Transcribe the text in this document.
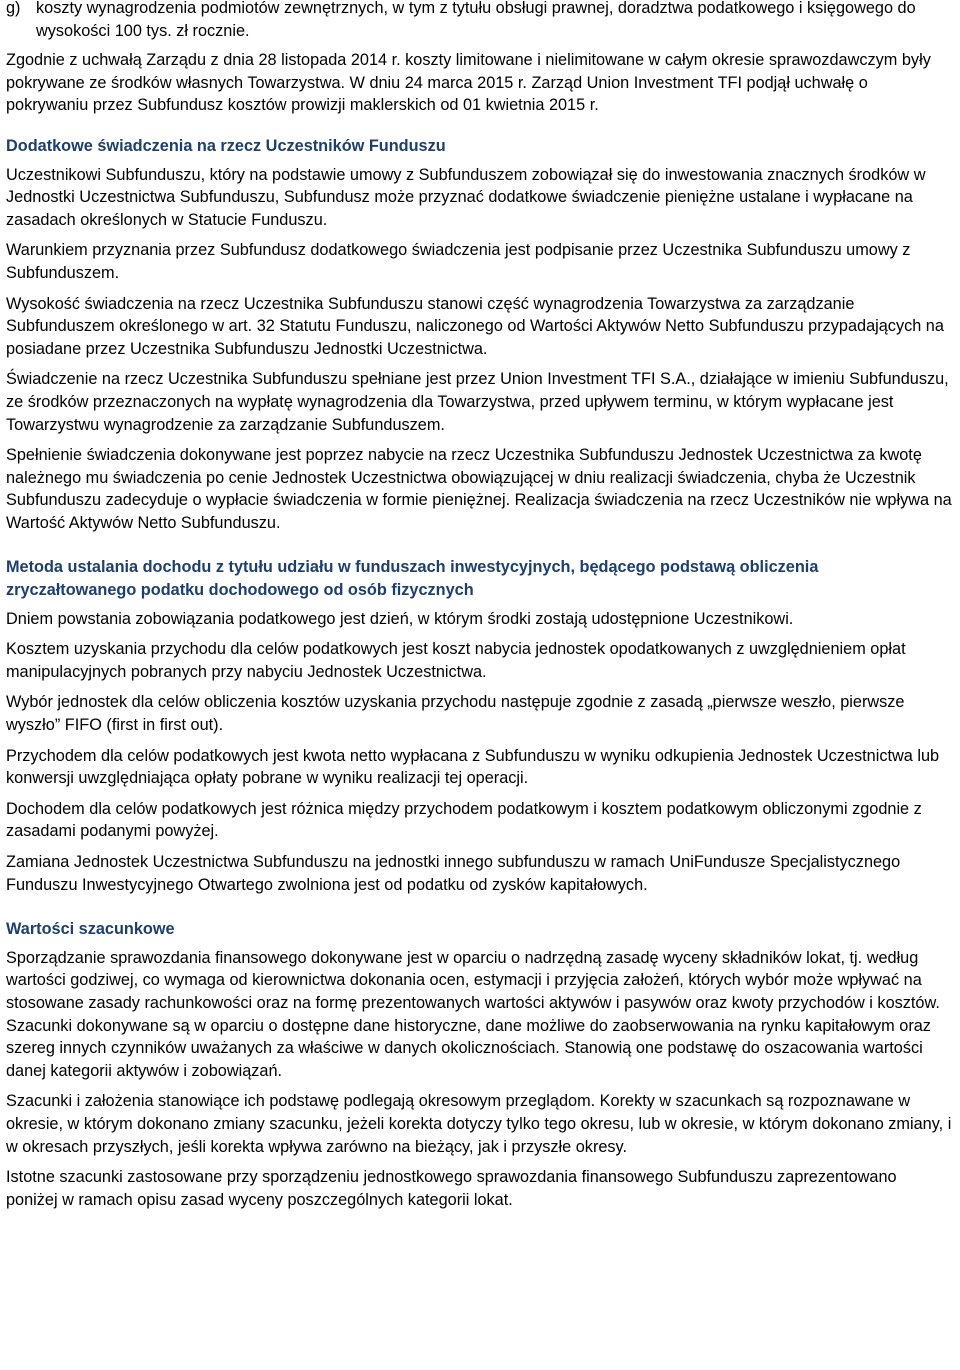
g) koszty wynagrodzenia podmiotów zewnętrznych, w tym z tytułu obsługi prawnej, doradztwa podatkowego i księgowego do wysokości 100 tys. zł rocznie.

Zgodnie z uchwałą Zarządu z dnia 28 listopada 2014 r. koszty limitowane i nielimitowane w całym okresie sprawozdawczym były pokrywane ze środków własnych Towarzystwa. W dniu 24 marca 2015 r. Zarząd Union Investment TFI podjął uchwałę o pokrywaniu przez Subfundusz kosztów prowizji maklerskich od 01 kwietnia 2015 r.

Dodatkowe świadczenia na rzecz Uczestników Funduszu

Uczestnikowi Subfunduszu, który na podstawie umowy z Subfunduszem zobowiązał się do inwestowania znacznych środków w Jednostki Uczestnictwa Subfunduszu, Subfundusz może przyznać dodatkowe świadczenie pieniężne ustalane i wypłacane na zasadach określonych w Statucie Funduszu.

Warunkiem przyznania przez Subfundusz dodatkowego świadczenia jest podpisanie przez Uczestnika Subfunduszu umowy z Subfunduszem.

Wysokość świadczenia na rzecz Uczestnika Subfunduszu stanowi część wynagrodzenia Towarzystwa za zarządzanie Subfunduszem określonego w art. 32 Statutu Funduszu, naliczonego od Wartości Aktywów Netto Subfunduszu przypadających na posiadane przez Uczestnika Subfunduszu Jednostki Uczestnictwa.

Świadczenie na rzecz Uczestnika Subfunduszu spełniane jest przez Union Investment TFI S.A., działające w imieniu Subfunduszu, ze środków przeznaczonych na wypłatę wynagrodzenia dla Towarzystwa, przed upływem terminu, w którym wypłacane jest Towarzystwu wynagrodzenie za zarządzanie Subfunduszem.

Spełnienie świadczenia dokonywane jest poprzez nabycie na rzecz Uczestnika Subfunduszu Jednostek Uczestnictwa za kwotę należnego mu świadczenia po cenie Jednostek Uczestnictwa obowiązującej w dniu realizacji świadczenia, chyba że Uczestnik Subfunduszu zadecyduje o wypłacie świadczenia w formie pieniężnej. Realizacja świadczenia na rzecz Uczestników nie wpływa na Wartość Aktywów Netto Subfunduszu.

Metoda ustalania dochodu z tytułu udziału w funduszach inwestycyjnych, będącego podstawą obliczenia zryczałtowanego podatku dochodowego od osób fizycznych

Dniem powstania zobowiązania podatkowego jest dzień, w którym środki zostają udostępnione Uczestnikowi.

Kosztem uzyskania przychodu dla celów podatkowych jest koszt nabycia jednostek opodatkowanych z uwzględnieniem opłat manipulacyjnych pobranych przy nabyciu Jednostek Uczestnictwa.

Wybór jednostek dla celów obliczenia kosztów uzyskania przychodu następuje zgodnie z zasadą „pierwsze weszło, pierwsze wyszło” FIFO (first in first out).

Przychodem dla celów podatkowych jest kwota netto wypłacana z Subfunduszu w wyniku odkupienia Jednostek Uczestnictwa lub konwersji uwzględniająca opłaty pobrane w wyniku realizacji tej operacji.

Dochodem dla celów podatkowych jest różnica między przychodem podatkowym i kosztem podatkowym obliczonymi zgodnie z zasadami podanymi powyżej.

Zamiana Jednostek Uczestnictwa Subfunduszu na jednostki innego subfunduszu w ramach UniFundusze Specjalistycznego Funduszu Inwestycyjnego Otwartego zwolniona jest od podatku od zysków kapitałowych.

Wartości szacunkowe

Sporządzanie sprawozdania finansowego dokonywane jest w oparciu o nadrzędną zasadę wyceny składników lokat, tj. według wartości godziwej, co wymaga od kierownictwa dokonania ocen, estymacji i przyjęcia założeń, których wybór może wpływać na stosowane zasady rachunkowości oraz na formę prezentowanych wartości aktywów i pasywów oraz kwoty przychodów i kosztów. Szacunki dokonywane są w oparciu o dostępne dane historyczne, dane możliwe do zaobserwowania na rynku kapitałowym oraz szereg innych czynników uważanych za właściwe w danych okolicznościach. Stanowią one podstawę do oszacowania wartości danej kategorii aktywów i zobowiązań.

Szacunki i założenia stanowiące ich podstawę podlegają okresowym przeglądom. Korekty w szacunkach są rozpoznawane w okresie, w którym dokonano zmiany szacunku, jeżeli korekta dotyczy tylko tego okresu, lub w okresie, w którym dokonano zmiany, i w okresach przyszłych, jeśli korekta wpływa zarówno na bieżący, jak i przyszłe okresy.

Istotne szacunki zastosowane przy sporządzeniu jednostkowego sprawozdania finansowego Subfunduszu zaprezentowano poniżej w ramach opisu zasad wyceny poszczególnych kategorii lokat.
